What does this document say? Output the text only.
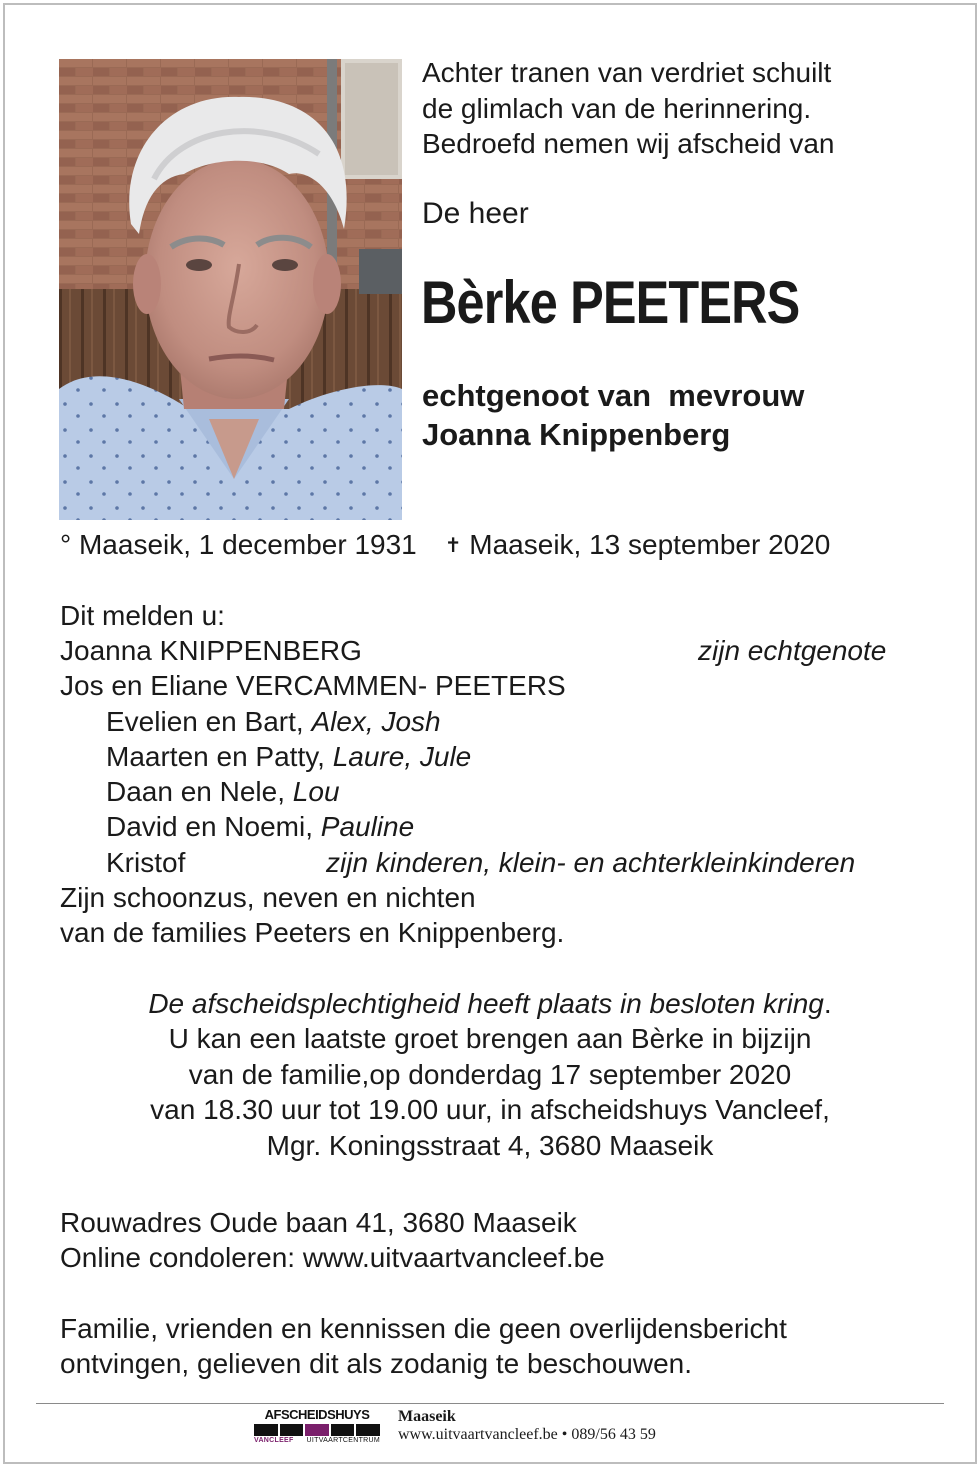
Achter tranen van verdriet schuilt
de glimlach van de herinnering.
Bedroefd nemen wij afscheid van
De heer
Bèrke PEETERS
echtgenoot van  mevrouw
Joanna Knippenberg
° Maaseik, 1 december 1931 ✝ Maaseik, 13 september 2020
Dit melden u:
Joanna KNIPPENBERG	zijn echtgenote
Jos en Eliane VERCAMMEN- PEETERS
Evelien en Bart, Alex, Josh
Maarten en Patty, Laure, Jule
Daan en Nele, Lou
David en Noemi, Pauline
Kristof	zijn kinderen, klein- en achterkleinkinderen
Zijn schoonzus, neven en nichten
van de families Peeters en Knippenberg.
De afscheidsplechtigheid heeft plaats in besloten kring.
U kan een laatste groet brengen aan Bèrke in bijzijn
van de familie,op donderdag 17 september 2020
van 18.30 uur tot 19.00 uur, in afscheidshuys Vancleef,
Mgr. Koningsstraat 4, 3680 Maaseik
Rouwadres Oude baan 41, 3680 Maaseik
Online condoleren: www.uitvaartvancleef.be
Familie, vrienden en kennissen die geen overlijdensbericht
ontvingen, gelieven dit als zodanig te beschouwen.
AFSCHEIDSHUYS
VANCLEEF UITVAARTCENTRUM
Maaseik
www.uitvaartvancleef.be • 089/56 43 59
